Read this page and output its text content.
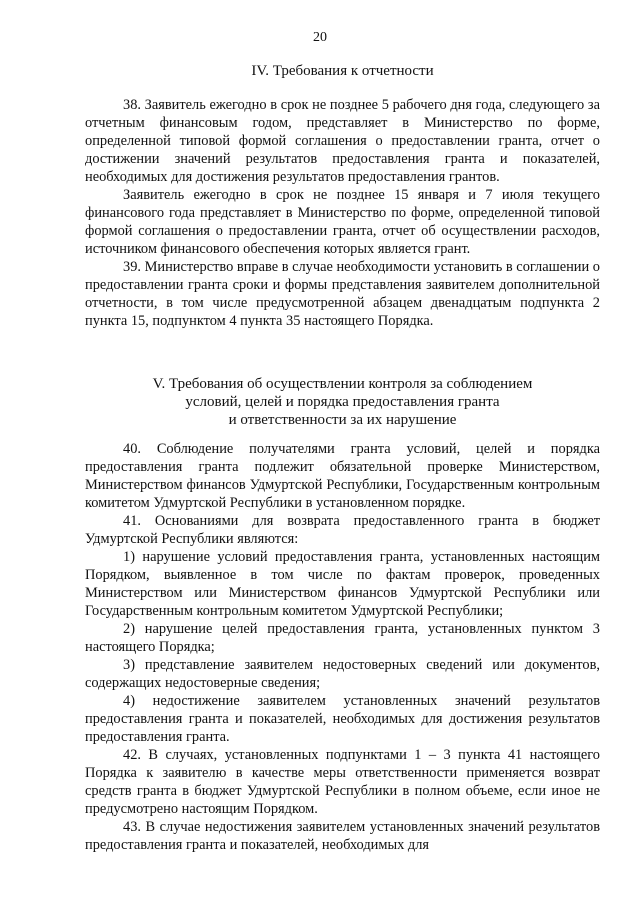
20
IV. Требования к отчетности

38. Заявитель ежегодно в срок не позднее 5 рабочего дня года, следующего за отчетным финансовым годом, представляет в Министерство по форме, определенной типовой формой соглашения о предоставлении гранта, отчет о достижении значений результатов предоставления гранта и показателей, необходимых для достижения результатов предоставления грантов.

Заявитель ежегодно в срок не позднее 15 января и 7 июля текущего финансового года представляет в Министерство по форме, определенной типовой формой соглашения о предоставлении гранта, отчет об осуществлении расходов, источником финансового обеспечения которых является грант.

39. Министерство вправе в случае необходимости установить в соглашении о предоставлении гранта сроки и формы представления заявителем дополнительной отчетности, в том числе предусмотренной абзацем двенадцатым подпункта 2 пункта 15, подпунктом 4 пункта 35 настоящего Порядка.

V. Требования об осуществлении контроля за соблюдением
условий, целей и порядка предоставления гранта
и ответственности за их нарушение

40. Соблюдение получателями гранта условий, целей и порядка предоставления гранта подлежит обязательной проверке Министерством, Министерством финансов Удмуртской Республики, Государственным контрольным комитетом Удмуртской Республики в установленном порядке.

41. Основаниями для возврата предоставленного гранта в бюджет Удмуртской Республики являются:

1) нарушение условий предоставления гранта, установленных настоящим Порядком, выявленное в том числе по фактам проверок, проведенных Министерством или Министерством финансов Удмуртской Республики или Государственным контрольным комитетом Удмуртской Республики;

2) нарушение целей предоставления гранта, установленных пунктом 3 настоящего Порядка;

3) представление заявителем недостоверных сведений или документов, содержащих недостоверные сведения;

4) недостижение заявителем установленных значений результатов предоставления гранта и показателей, необходимых для достижения результатов предоставления гранта.

42. В случаях, установленных подпунктами 1 – 3 пункта 41 настоящего Порядка к заявителю в качестве меры ответственности применяется возврат средств гранта в бюджет Удмуртской Республики в полном объеме, если иное не предусмотрено настоящим Порядком.

43. В случае недостижения заявителем установленных значений результатов предоставления гранта и показателей, необходимых для
